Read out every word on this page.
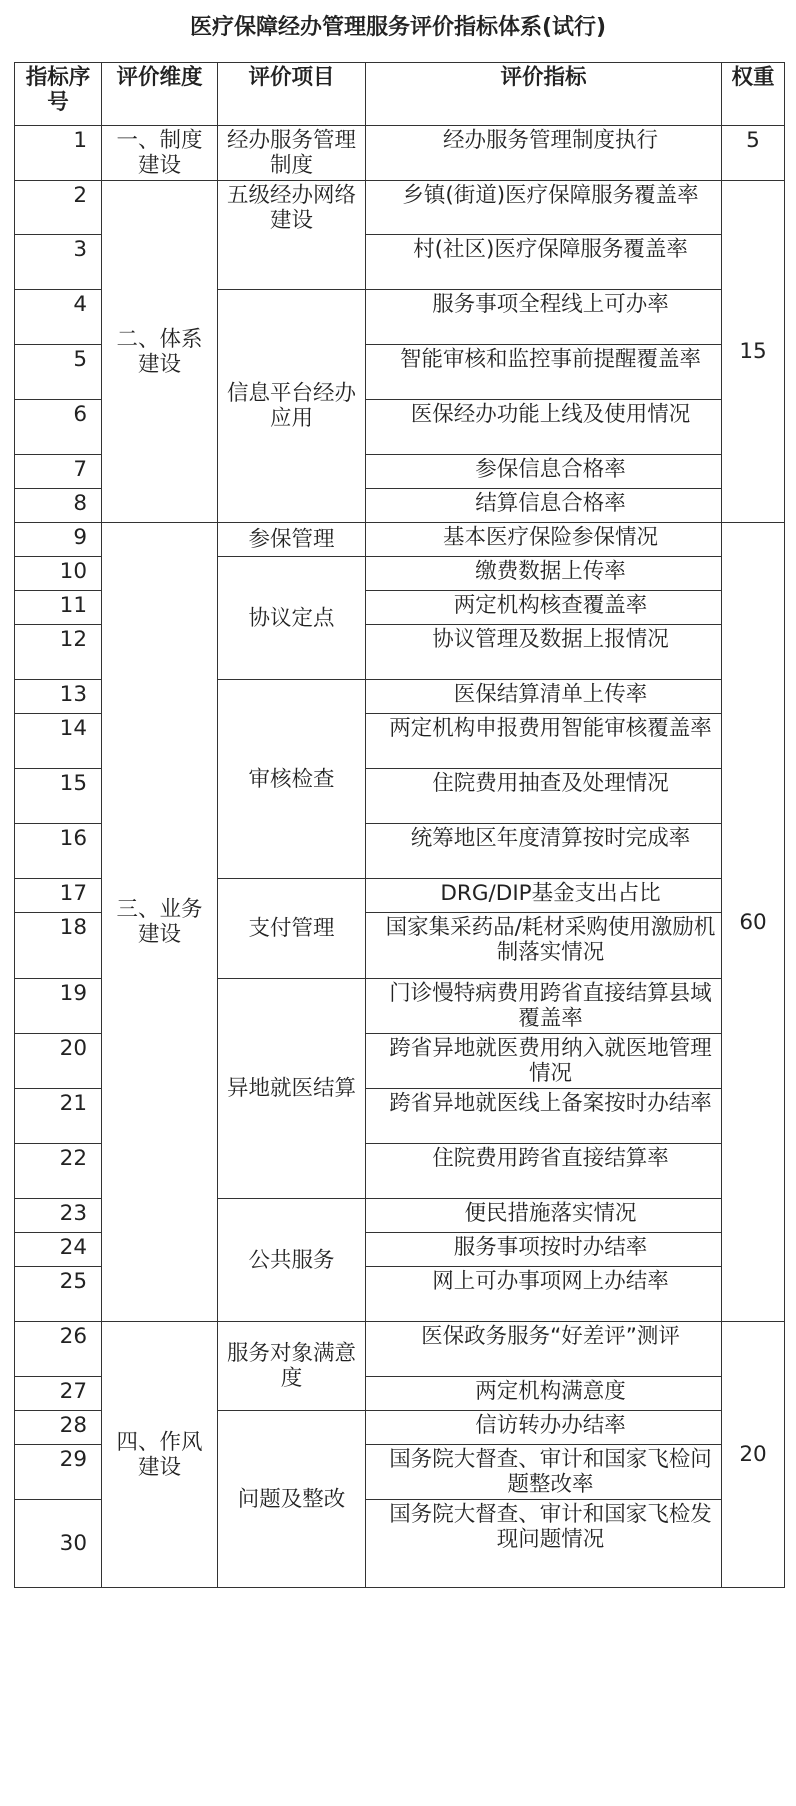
医疗保障经办管理服务评价指标体系(试行)
指标序号	评价维度	评价项目	评价指标	权重
1	一、制度建设	经办服务管理制度	经办服务管理制度执行	5
2	二、体系建设	五级经办网络建设	乡镇(街道)医疗保障服务覆盖率	15
3			村(社区)医疗保障服务覆盖率	
4		信息平台经办应用	服务事项全程线上可办率	
5			智能审核和监控事前提醒覆盖率	
6			医保经办功能上线及使用情况	
7			参保信息合格率	
8			结算信息合格率	
9	三、业务建设	参保管理	基本医疗保险参保情况	60
10		协议定点	缴费数据上传率	
11			两定机构核查覆盖率	
12			协议管理及数据上报情况	
13		审核检查	医保结算清单上传率	
14			两定机构申报费用智能审核覆盖率	
15			住院费用抽查及处理情况	
16			统筹地区年度清算按时完成率	
17		支付管理	DRG/DIP基金支出占比	
18			国家集采药品/耗材采购使用激励机制落实情况	
19		异地就医结算	门诊慢特病费用跨省直接结算县域覆盖率	
20			跨省异地就医费用纳入就医地管理情况	
21			跨省异地就医线上备案按时办结率	
22			住院费用跨省直接结算率	
23		公共服务	便民措施落实情况	
24			服务事项按时办结率	
25			网上可办事项网上办结率	
26	四、作风建设	服务对象满意度	医保政务服务“好差评”测评	20
27			两定机构满意度	
28		问题及整改	信访转办办结率	
29			国务院大督查、审计和国家飞检问题整改率	
30			国务院大督查、审计和国家飞检发现问题情况	
